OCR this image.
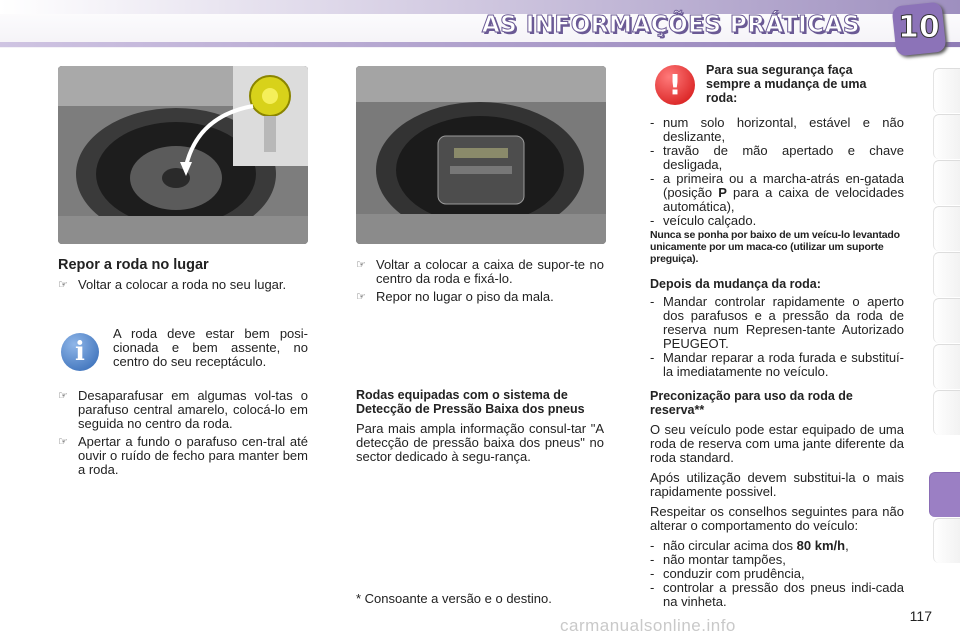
AS INFORMAÇÕES PRÁTICAS 10
Repor a roda no lugar
☞ Voltar a colocar a roda no seu lugar.
i

A roda deve estar bem posi-cionada e bem assente, no centro do seu receptáculo.

☞ Desaparafusar em algumas vol-tas o parafuso central amarelo, colocá-lo em seguida no centro da roda.
☞ Apertar a fundo o parafuso cen-tral até ouvir o ruído de fecho para manter bem a roda.
☞ Voltar a colocar a caixa de supor-te no centro da roda e fixá-lo.
☞ Repor no lugar o piso da mala.
Rodas equipadas com o sistema de Detecção de Pressão Baixa dos pneus

Para mais ampla informação consul-tar "A detecção de pressão baixa dos pneus" no sector dedicado à segu-rança.

* Consoante a versão e o destino.
!	Para sua segurança faça sempre a mudança de uma roda:
- num solo horizontal, estável e não deslizante,
- travão de mão apertado e chave desligada,
- a primeira ou a marcha-atrás en-gatada (posição P para a caixa de velocidades automática),
- veículo calçado.
Nunca se ponha por baixo de um veícu-lo levantado unicamente por um maca-co (utilizar um suporte preguiça).
Depois da mudança da roda:
- Mandar controlar rapidamente o aperto dos parafusos e a pressão da roda de reserva num Represen-tante Autorizado PEUGEOT.
- Mandar reparar a roda furada e substituí-la imediatamente no veículo.
Preconização para uso da roda de reserva**

O seu veículo pode estar equipado de uma roda de reserva com uma jante diferente da roda standard.

Após utilização devem substitui-la o mais rapidamente possivel.

Respeitar os conselhos seguintes para não alterar o comportamento do veículo:

- não circular acima dos 80 km/h,
- não montar tampões,
- conduzir com prudência,
- controlar a pressão dos pneus indi-cada na vinheta.
117
carmanualsonline.info
